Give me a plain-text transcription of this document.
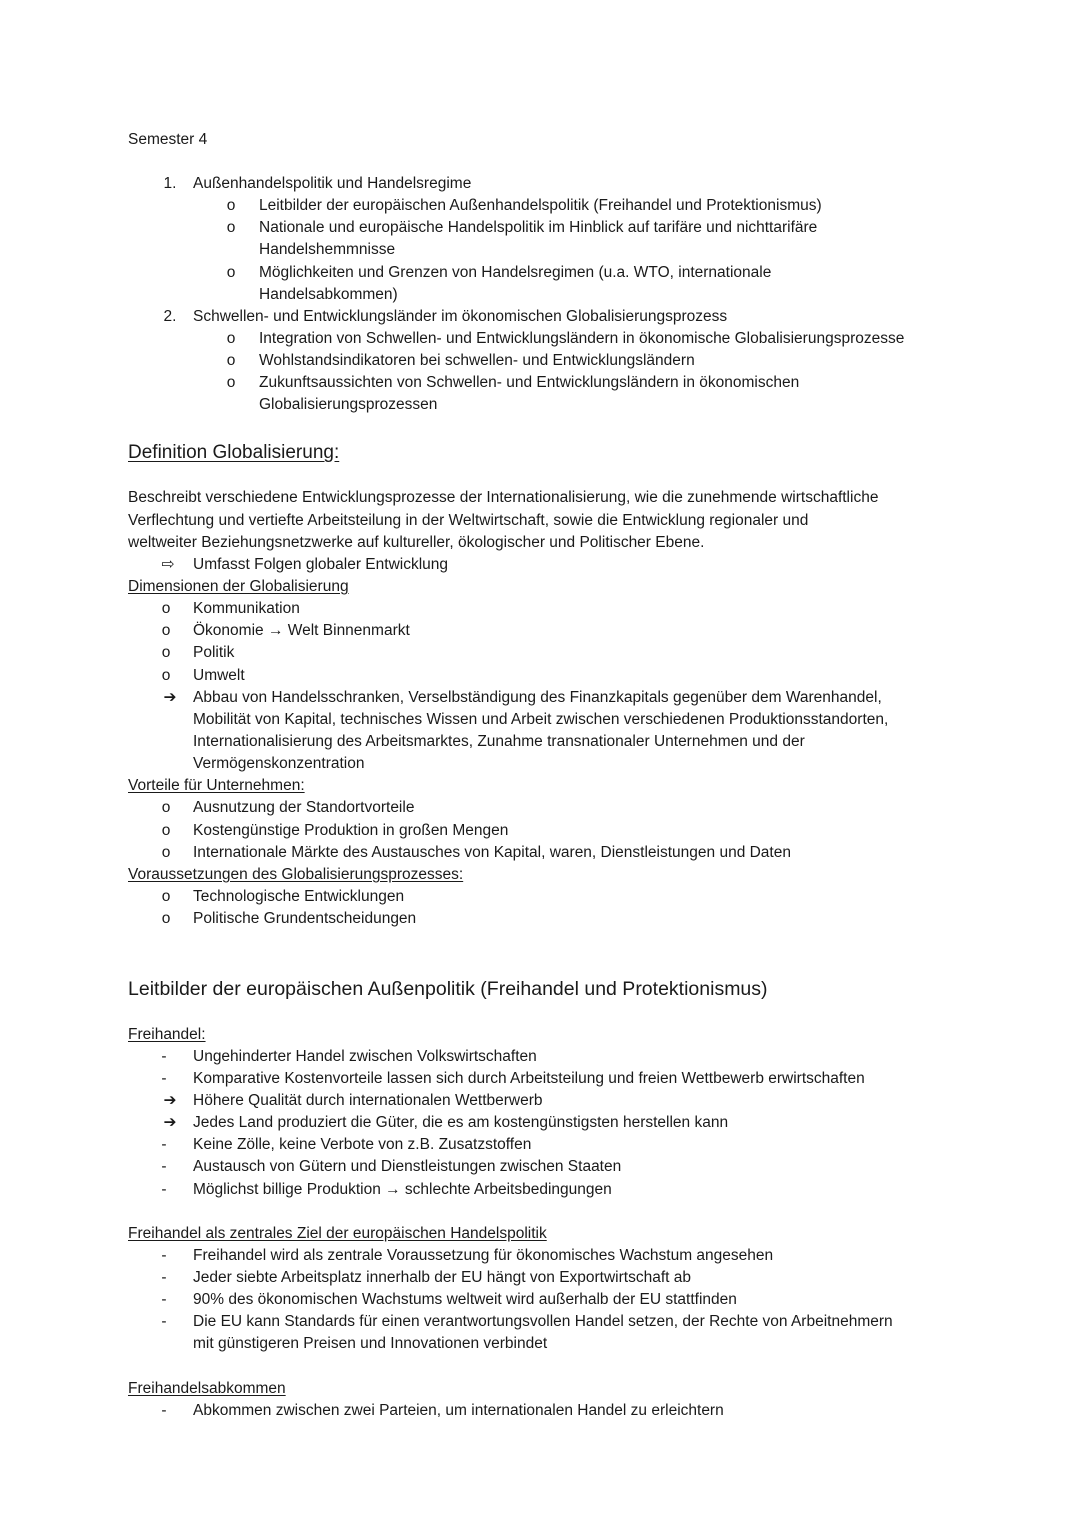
Semester 4
1. Außenhandelspolitik und Handelsregime
o Leitbilder der europäischen Außenhandelspolitik (Freihandel und Protektionismus)
o Nationale und europäische Handelspolitik im Hinblick auf tarifäre und nichttarifäre
Handelshemmnisse
o Möglichkeiten und Grenzen von Handelsregimen (u.a. WTO, internationale
Handelsabkommen)
2. Schwellen- und Entwicklungsländer im ökonomischen Globalisierungsprozess
o Integration von Schwellen- und Entwicklungsländern in ökonomische Globalisierungsprozesse
o Wohlstandsindikatoren bei schwellen- und Entwicklungsländern
o Zukunftsaussichten von Schwellen- und Entwicklungsländern in ökonomischen
Globalisierungsprozessen
Definition Globalisierung:
Beschreibt verschiedene Entwicklungsprozesse der Internationalisierung, wie die zunehmende wirtschaftliche
Verflechtung und vertiefte Arbeitsteilung in der Weltwirtschaft, sowie die Entwicklung regionaler und
weltweiter Beziehungsnetzwerke auf kultureller, ökologischer und Politischer Ebene.
⇨ Umfasst Folgen globaler Entwicklung
Dimensionen der Globalisierung
o Kommunikation
o Ökonomie → Welt Binnenmarkt
o Politik
o Umwelt
➔ Abbau von Handelsschranken, Verselbständigung des Finanzkapitals gegenüber dem Warenhandel,
Mobilität von Kapital, technisches Wissen und Arbeit zwischen verschiedenen Produktionsstandorten,
Internationalisierung des Arbeitsmarktes, Zunahme transnationaler Unternehmen und der
Vermögenskonzentration
Vorteile für Unternehmen:
o Ausnutzung der Standortvorteile
o Kostengünstige Produktion in großen Mengen
o Internationale Märkte des Austausches von Kapital, waren, Dienstleistungen und Daten
Voraussetzungen des Globalisierungsprozesses:
o Technologische Entwicklungen
o Politische Grundentscheidungen
Leitbilder der europäischen Außenpolitik (Freihandel und Protektionismus)
Freihandel:
- Ungehinderter Handel zwischen Volkswirtschaften
- Komparative Kostenvorteile lassen sich durch Arbeitsteilung und freien Wettbewerb erwirtschaften
➔ Höhere Qualität durch internationalen Wettberwerb
➔ Jedes Land produziert die Güter, die es am kostengünstigsten herstellen kann
- Keine Zölle, keine Verbote von z.B. Zusatzstoffen
- Austausch von Gütern und Dienstleistungen zwischen Staaten
- Möglichst billige Produktion → schlechte Arbeitsbedingungen
Freihandel als zentrales Ziel der europäischen Handelspolitik
- Freihandel wird als zentrale Voraussetzung für ökonomisches Wachstum angesehen
- Jeder siebte Arbeitsplatz innerhalb der EU hängt von Exportwirtschaft ab
- 90% des ökonomischen Wachstums weltweit wird außerhalb der EU stattfinden
- Die EU kann Standards für einen verantwortungsvollen Handel setzen, der Rechte von Arbeitnehmern
mit günstigeren Preisen und Innovationen verbindet
Freihandelsabkommen
- Abkommen zwischen zwei Parteien, um internationalen Handel zu erleichtern
